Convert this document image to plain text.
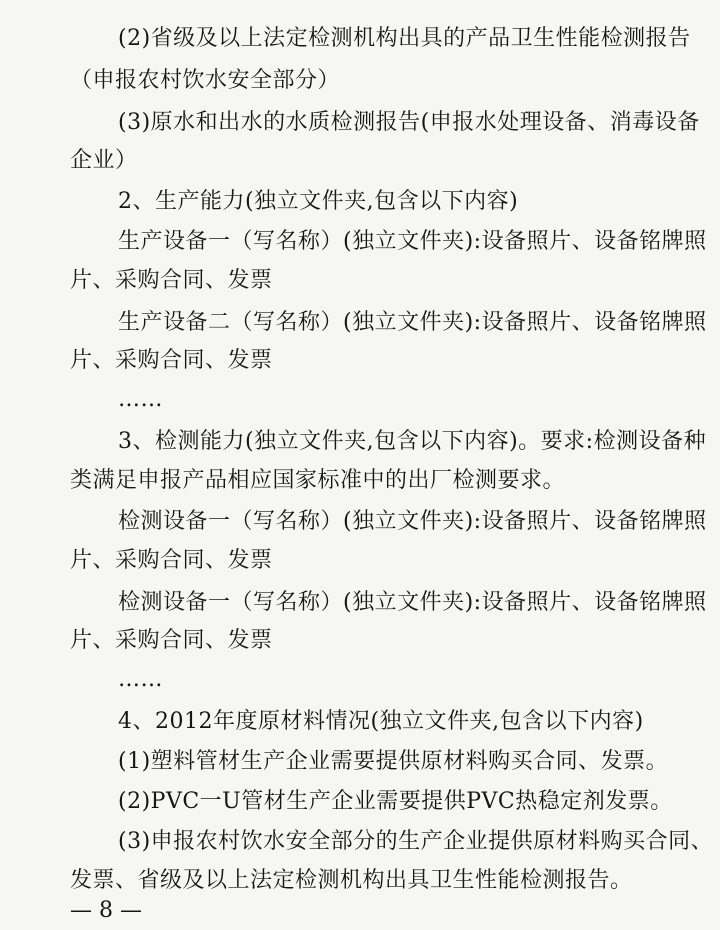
(2)省级及以上法定检测机构出具的产品卫生性能检测报告
（申报农村饮水安全部分）
(3)原水和出水的水质检测报告(申报水处理设备、消毒设备
企业）
2、生产能力(独立文件夹,包含以下内容)
生产设备一（写名称）(独立文件夹):设备照片、设备铭牌照
片、采购合同、发票
生产设备二（写名称）(独立文件夹):设备照片、设备铭牌照
片、采购合同、发票
……
3、检测能力(独立文件夹,包含以下内容)。要求:检测设备种
类满足申报产品相应国家标准中的出厂检测要求。
检测设备一（写名称）(独立文件夹):设备照片、设备铭牌照
片、采购合同、发票
检测设备一（写名称）(独立文件夹):设备照片、设备铭牌照
片、采购合同、发票
……
4、2012年度原材料情况(独立文件夹,包含以下内容)
(1)塑料管材生产企业需要提供原材料购买合同、发票。
(2)PVC一U管材生产企业需要提供PVC热稳定剂发票。
(3)申报农村饮水安全部分的生产企业提供原材料购买合同、
发票、省级及以上法定检测机构出具卫生性能检测报告。
— 8 —
